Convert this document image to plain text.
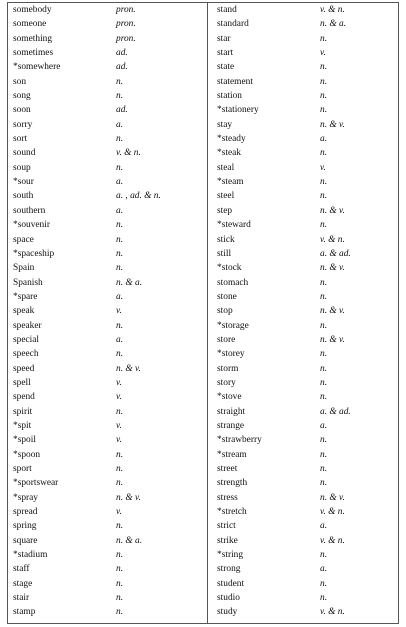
somebody	pron.
someone	pron.
something	pron.
sometimes	ad.
*somewhere	ad.
son	n.
song	n.
soon	ad.
sorry	a.
sort	n.
sound	v. & n.
soup	n.
*sour	a.
south	a. , ad. & n.
southern	a.
*souvenir	n.
space	n.
*spaceship	n.
Spain	n.
Spanish	n. & a.
*spare	a.
speak	v.
speaker	n.
special	a.
speech	n.
speed	n. & v.
spell	v.
spend	v.
spirit	n.
*spit	v.
*spoil	v.
*spoon	n.
sport	n.
*sportswear	n.
*spray	n. & v.
spread	v.
spring	n.
square	n. & a.
*stadium	n.
staff	n.
stage	n.
stair	n.
stamp	n.
stand	v. & n.
standard	n. & a.
star	n.
start	v.
state	n.
statement	n.
station	n.
*stationery	n.
stay	n. & v.
*steady	a.
*steak	n.
steal	v.
*steam	n.
steel	n.
step	n. & v.
*steward	n.
stick	v. & n.
still	a. & ad.
*stock	n. & v.
stomach	n.
stone	n.
stop	n. & v.
*storage	n.
store	n. & v.
*storey	n.
storm	n.
story	n.
*stove	n.
straight	a. & ad.
strange	a.
*strawberry	n.
*stream	n.
street	n.
strength	n.
stress	n. & v.
*stretch	v. & n.
strict	a.
strike	v. & n.
*string	n.
strong	a.
student	n.
studio	n.
study	v. & n.
